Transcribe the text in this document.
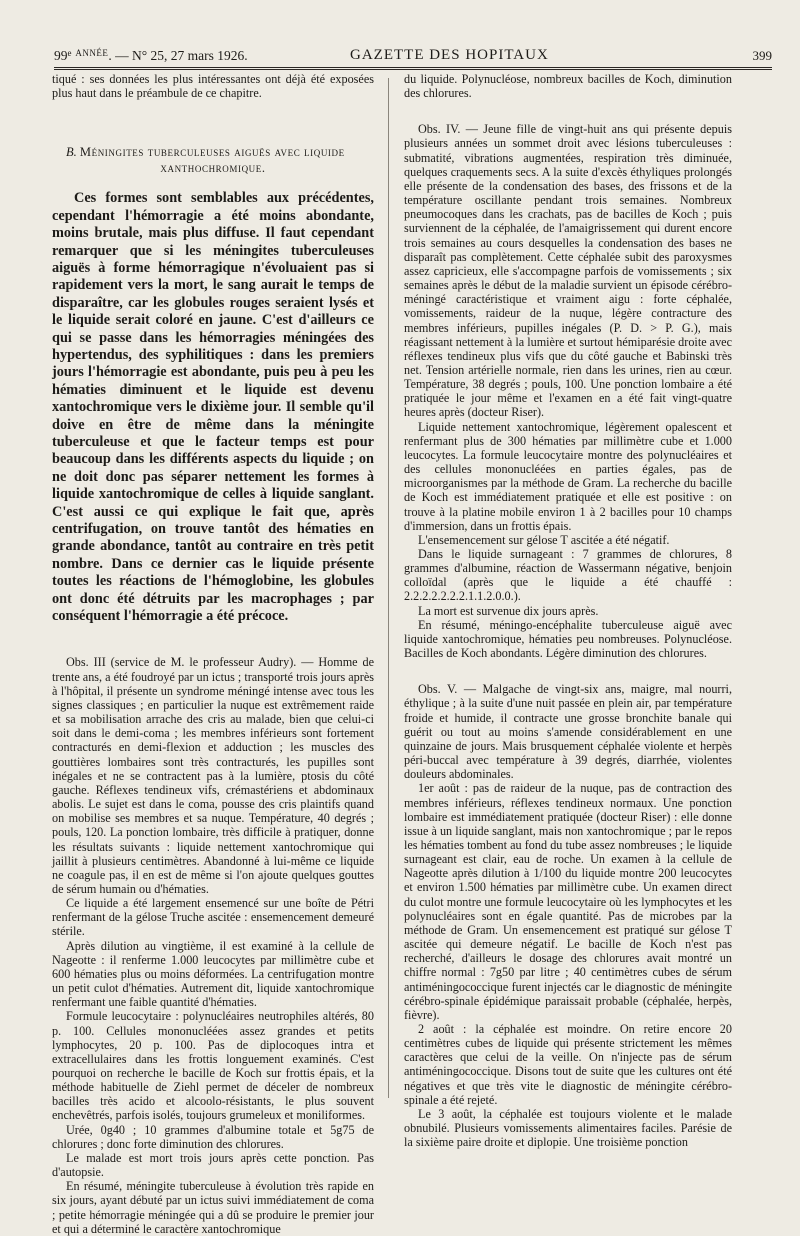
99e $^{ANNÉE}$. — N° 25, 27 mars 1926.	GAZETTE DES HOPITAUX	399

tiqué : ses données les plus intéressantes ont déjà été exposées plus haut dans le préambule de ce chapitre.

B. Méningites tuberculeuses aiguës avec liquide
xanthochromique.

Ces formes sont semblables aux précédentes, cependant l'hémorragie a été moins abondante, moins brutale, mais plus diffuse. Il faut cependant remarquer que si les méningites tuberculeuses aiguës à forme hémorragique n'évoluaient pas si rapidement vers la mort, le sang aurait le temps de disparaître, car les globules rouges seraient lysés et le liquide serait coloré en jaune. C'est d'ailleurs ce qui se passe dans les hémorragies méningées des hypertendus, des syphilitiques : dans les premiers jours l'hémorragie est abondante, puis peu à peu les hématies diminuent et le liquide est devenu xantochromique vers le dixième jour. Il semble qu'il doive en être de même dans la méningite tuberculeuse et que le facteur temps est pour beaucoup dans les différents aspects du liquide ; on ne doit donc pas séparer nettement les formes à liquide xantochromique de celles à liquide sanglant. C'est aussi ce qui explique le fait que, après centrifugation, on trouve tantôt des hématies en grande abondance, tantôt au contraire en très petit nombre. Dans ce dernier cas le liquide présente toutes les réactions de l'hémoglobine, les globules ont donc été détruits par les macrophages ; par conséquent l'hémorragie a été précoce.

Obs. III (service de M. le professeur Audry). — Homme de trente ans, a été foudroyé par un ictus ; transporté trois jours après à l'hôpital, il présente un syndrome méningé intense avec tous les signes classiques ; en particulier la nuque est extrêmement raide et sa mobilisation arrache des cris au malade, bien que celui-ci soit dans le demi-coma ; les membres inférieurs sont fortement contracturés en demi-flexion et adduction ; les muscles des gouttières lombaires sont très contracturés, les pupilles sont inégales et ne se contractent pas à la lumière, ptosis du côté gauche. Réflexes tendineux vifs, crémastériens et abdominaux abolis. Le sujet est dans le coma, pousse des cris plaintifs quand on mobilise ses membres et sa nuque. Température, 40 degrés ; pouls, 120. La ponction lombaire, très difficile à pratiquer, donne les résultats suivants : liquide nettement xantochromique qui jaillit à plusieurs centimètres. Abandonné à lui-même ce liquide ne coagule pas, il en est de même si l'on ajoute quelques gouttes de sérum humain ou d'hématies.

Ce liquide a été largement ensemencé sur une boîte de Pétri renfermant de la gélose Truche ascitée : ensemencement demeuré stérile.

Après dilution au vingtième, il est examiné à la cellule de Nageotte : il renferme 1.000 leucocytes par millimètre cube et 600 hématies plus ou moins déformées. La centrifugation montre un petit culot d'hématies. Autrement dit, liquide xantochromique renfermant une faible quantité d'hématies.

Formule leucocytaire : polynucléaires neutrophiles altérés, 80 p. 100. Cellules mononucléées assez grandes et petits lymphocytes, 20 p. 100. Pas de diplocoques intra et extracellulaires dans les frottis longuement examinés. C'est pourquoi on recherche le bacille de Koch sur frottis épais, et la méthode habituelle de Ziehl permet de déceler de nombreux bacilles très acido et alcoolo-résistants, le plus souvent enchevêtrés, parfois isolés, toujours grumeleux et moniliformes.

Urée, 0g40 ; 10 grammes d'albumine totale et 5g75 de chlorures ; donc forte diminution des chlorures.

Le malade est mort trois jours après cette ponction. Pas d'autopsie.

En résumé, méningite tuberculeuse à évolution très rapide en six jours, ayant débuté par un ictus suivi immédiatement de coma ; petite hémorragie méningée qui a dû se produire le premier jour et qui a déterminé le caractère xantochromique

du liquide. Polynucléose, nombreux bacilles de Koch, diminution des chlorures.

Obs. IV. — Jeune fille de vingt-huit ans qui présente depuis plusieurs années un sommet droit avec lésions tuberculeuses : submatité, vibrations augmentées, respiration très diminuée, quelques craquements secs. A la suite d'excès éthyliques prolongés elle présente de la condensation des bases, des frissons et de la température oscillante pendant trois semaines. Nombreux pneumocoques dans les crachats, pas de bacilles de Koch ; puis surviennent de la céphalée, de l'amaigrissement qui durent encore trois semaines au cours desquelles la condensation des bases ne disparaît pas complètement. Cette céphalée subit des paroxysmes assez capricieux, elle s'accompagne parfois de vomissements ; six semaines après le début de la maladie survient un épisode cérébro-méningé caractéristique et vraiment aigu : forte céphalée, vomissements, raideur de la nuque, légère contracture des membres inférieurs, pupilles inégales (P. D. > P. G.), mais réagissant nettement à la lumière et surtout hémiparésie droite avec réflexes tendineux plus vifs que du côté gauche et Babinski très net. Tension artérielle normale, rien dans les urines, rien au cœur. Température, 38 degrés ; pouls, 100. Une ponction lombaire a été pratiquée le jour même et l'examen en a été fait vingt-quatre heures après (docteur Riser).

Liquide nettement xantochromique, légèrement opalescent et renfermant plus de 300 hématies par millimètre cube et 1.000 leucocytes. La formule leucocytaire montre des polynucléaires et des cellules mononucléées en parties égales, pas de microorganismes par la méthode de Gram. La recherche du bacille de Koch est immédiatement pratiquée et elle est positive : on trouve à la platine mobile environ 1 à 2 bacilles pour 10 champs d'immersion, dans un frottis épais.

L'ensemencement sur gélose T ascitée a été négatif.

Dans le liquide surnageant : 7 grammes de chlorures, 8 grammes d'albumine, réaction de Wassermann négative, benjoin colloïdal (après que le liquide a été chauffé : 2.2.2.2.2.2.2.1.1.2.0.0.).

La mort est survenue dix jours après.

En résumé, méningo-encéphalite tuberculeuse aiguë avec liquide xantochromique, hématies peu nombreuses. Polynucléose. Bacilles de Koch abondants. Légère diminution des chlorures.

Obs. V. — Malgache de vingt-six ans, maigre, mal nourri, éthylique ; à la suite d'une nuit passée en plein air, par température froide et humide, il contracte une grosse bronchite banale qui guérit ou tout au moins s'amende considérablement en une quinzaine de jours. Mais brusquement céphalée violente et herpès péri-buccal avec température à 39 degrés, diarrhée, violentes douleurs abdominales.

1er août : pas de raideur de la nuque, pas de contraction des membres inférieurs, réflexes tendineux normaux. Une ponction lombaire est immédiatement pratiquée (docteur Riser) : elle donne issue à un liquide sanglant, mais non xantochromique ; par le repos les hématies tombent au fond du tube assez nombreuses ; le liquide surnageant est clair, eau de roche. Un examen à la cellule de Nageotte après dilution à 1/100 du liquide montre 200 leucocytes et environ 1.500 hématies par millimètre cube. Un examen direct du culot montre une formule leucocytaire où les lymphocytes et les polynucléaires sont en égale quantité. Pas de microbes par la méthode de Gram. Un ensemencement est pratiqué sur gélose T ascitée qui demeure négatif. Le bacille de Koch n'est pas recherché, d'ailleurs le dosage des chlorures avait montré un chiffre normal : 7g50 par litre ; 40 centimètres cubes de sérum antiméningococcique furent injectés car le diagnostic de méningite cérébro-spinale épidémique paraissait probable (céphalée, herpès, fièvre).

2 août : la céphalée est moindre. On retire encore 20 centimètres cubes de liquide qui présente strictement les mêmes caractères que celui de la veille. On n'injecte pas de sérum antiméningococcique. Disons tout de suite que les cultures ont été négatives et que très vite le diagnostic de méningite cérébro-spinale a été rejeté.

Le 3 août, la céphalée est toujours violente et le malade obnubilé. Plusieurs vomissements alimentaires faciles. Parésie de la sixième paire droite et diplopie. Une troisième ponction
